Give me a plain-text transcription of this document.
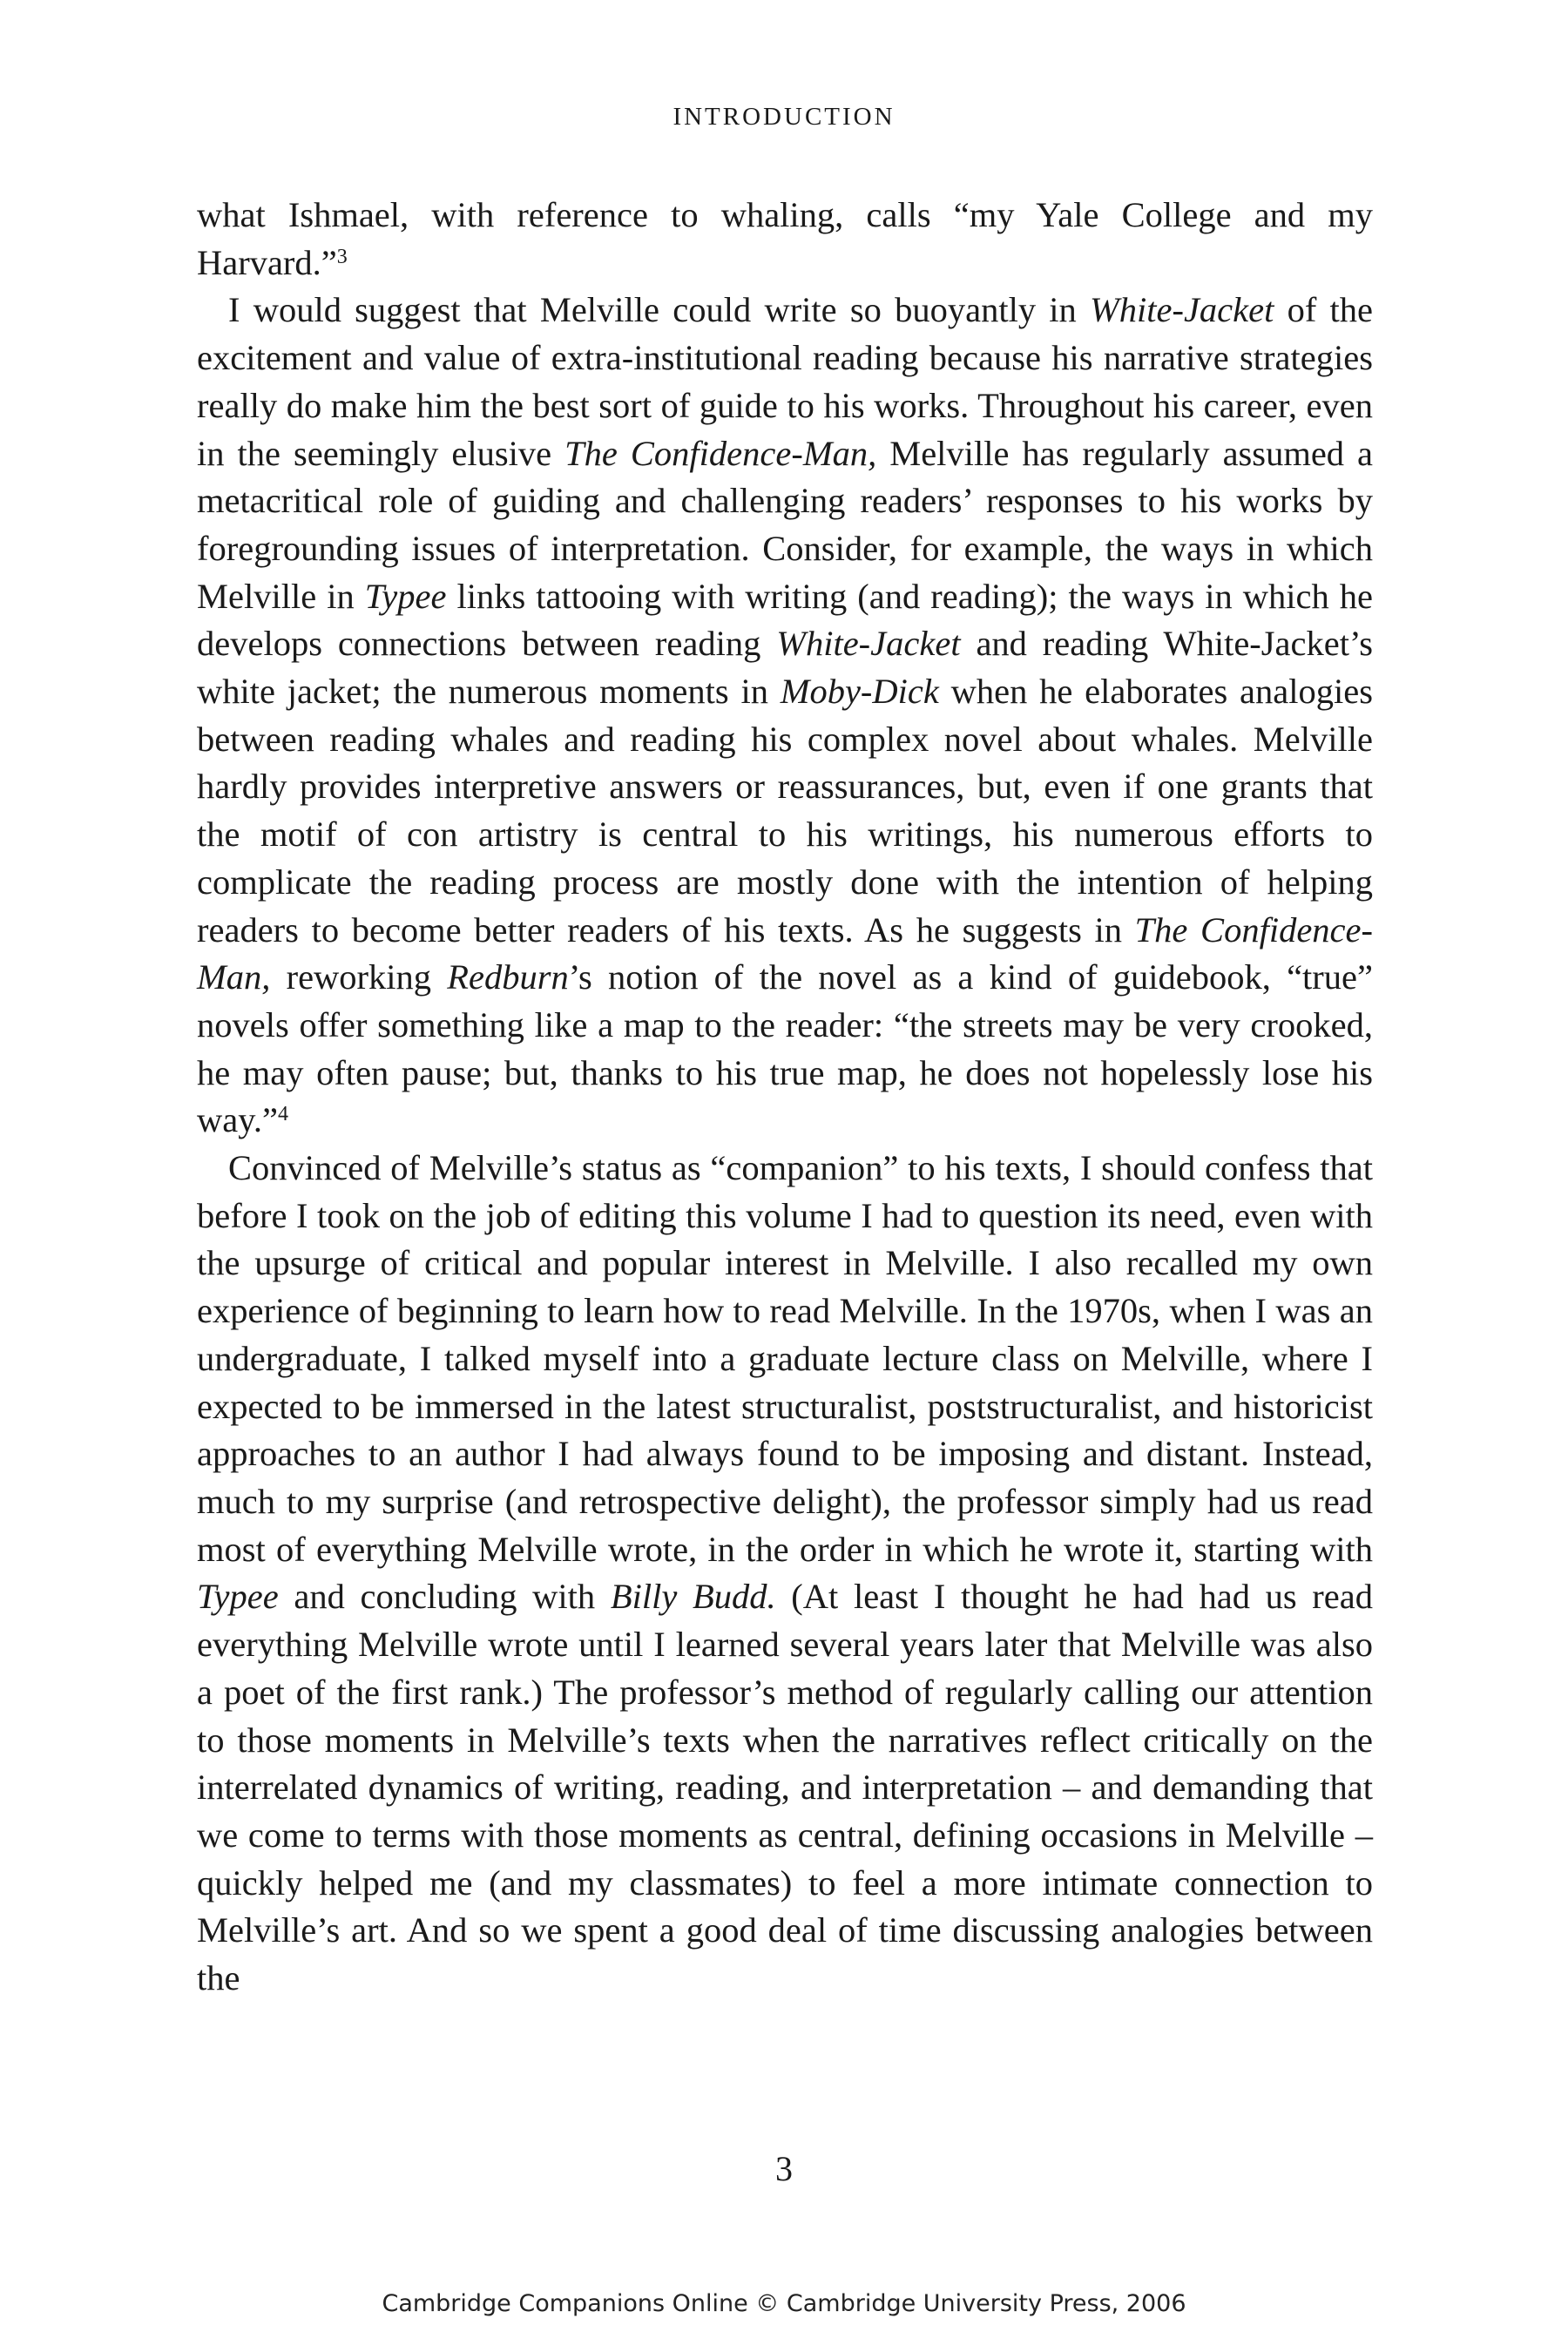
INTRODUCTION

what Ishmael, with reference to whaling, calls “my Yale College and my Harvard.”$^3$

I would suggest that Melville could write so buoyantly in White-Jacket of the excitement and value of extra-institutional reading because his narrative strategies really do make him the best sort of guide to his works. Throughout his career, even in the seemingly elusive The Confidence-Man, Melville has regularly assumed a metacritical role of guiding and challenging readers’ responses to his works by foregrounding issues of interpretation. Consider, for example, the ways in which Melville in Typee links tattooing with writing (and reading); the ways in which he develops connections between reading White-Jacket and reading White-Jacket’s white jacket; the numerous moments in Moby-Dick when he elaborates analogies between reading whales and reading his complex novel about whales. Melville hardly provides interpretive answers or reassurances, but, even if one grants that the motif of con artistry is central to his writings, his numerous efforts to complicate the reading process are mostly done with the intention of helping readers to become better readers of his texts. As he suggests in The Confidence-Man, reworking Redburn’s notion of the novel as a kind of guidebook, “true” novels offer something like a map to the reader: “the streets may be very crooked, he may often pause; but, thanks to his true map, he does not hopelessly lose his way.”$^4$

Convinced of Melville’s status as “companion” to his texts, I should confess that before I took on the job of editing this volume I had to question its need, even with the upsurge of critical and popular interest in Melville. I also recalled my own experience of beginning to learn how to read Melville. In the 1970s, when I was an undergraduate, I talked myself into a graduate lecture class on Melville, where I expected to be immersed in the latest structuralist, poststructuralist, and historicist approaches to an author I had always found to be imposing and distant. Instead, much to my surprise (and retrospective delight), the professor simply had us read most of everything Melville wrote, in the order in which he wrote it, starting with Typee and concluding with Billy Budd. (At least I thought he had had us read everything Melville wrote until I learned several years later that Melville was also a poet of the first rank.) The professor’s method of regularly calling our attention to those moments in Melville’s texts when the narratives reflect critically on the interrelated dynamics of writing, reading, and interpretation – and demanding that we come to terms with those moments as central, defining occasions in Melville – quickly helped me (and my classmates) to feel a more intimate connection to Melville’s art. And so we spent a good deal of time discussing analogies between the

3
Cambridge Companions Online © Cambridge University Press, 2006
